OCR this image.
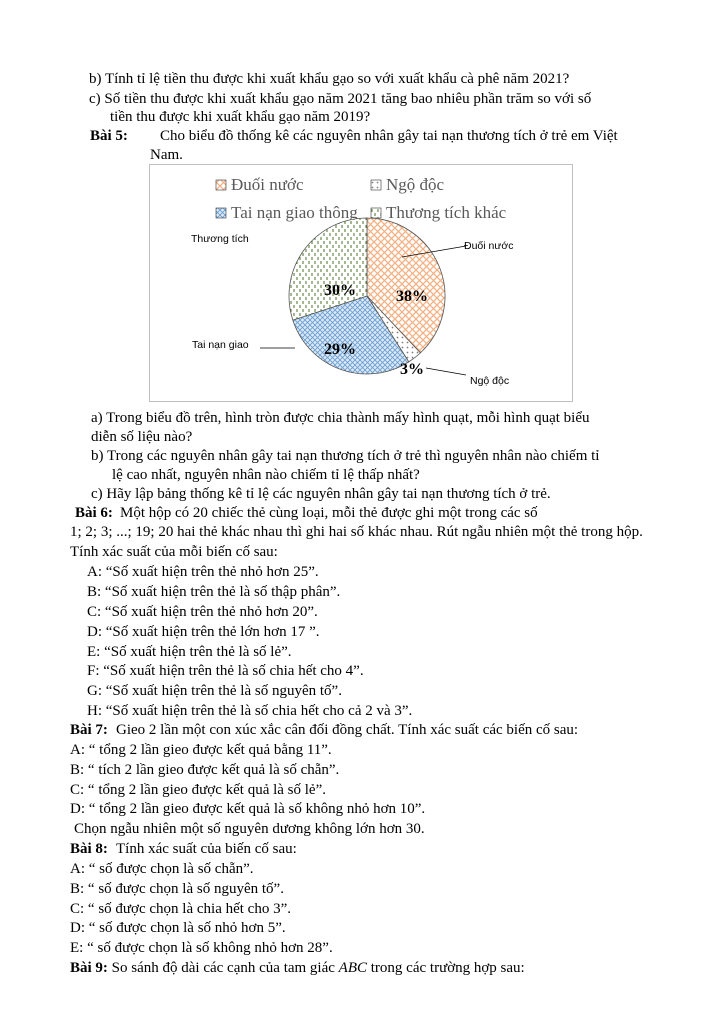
b) Tính tỉ lệ tiền thu được khi xuất khẩu gạo so với xuất khẩu cà phê năm 2021?
c) Số tiền thu được khi xuất khẩu gạo năm 2021 tăng bao nhiêu phần trăm so với số
tiền thu được khi xuất khẩu gạo năm 2019?
Bài 5: Cho biểu đồ thống kê các nguyên nhân gây tai nạn thương tích ở trẻ em Việt
Nam.
Đuối nước	Ngộ độc
Tai nạn giao thông Thương tích khác
38%
3%
29%
30%
Đuối nước
Ngộ độc
Tai nạn giao
Thương tích
a) Trong biểu đồ trên, hình tròn được chia thành mấy hình quạt, mỗi hình quạt biểu
diễn số liệu nào?
b) Trong các nguyên nhân gây tai nạn thương tích ở trẻ thì nguyên nhân nào chiếm tỉ
lệ cao nhất, nguyên nhân nào chiếm tỉ lệ thấp nhất?
c) Hãy lập bảng thống kê tỉ lệ các nguyên nhân gây tai nạn thương tích ở trẻ.
Bài 6: Một hộp có 20 chiếc thẻ cùng loại, mỗi thẻ được ghi một trong các số
1; 2; 3; ...; 19; 20 hai thẻ khác nhau thì ghi hai số khác nhau. Rút ngẫu nhiên một thẻ trong hộp.
Tính xác suất của mỗi biến cố sau:
A: “Số xuất hiện trên thẻ nhỏ hơn 25”.
B: “Số xuất hiện trên thẻ là số thập phân”.
C: “Số xuất hiện trên thẻ nhỏ hơn 20”.
D: “Số xuất hiện trên thẻ lớn hơn 17 ”.
E: “Số xuất hiện trên thẻ là số lẻ”.
F: “Số xuất hiện trên thẻ là số chia hết cho 4”.
G: “Số xuất hiện trên thẻ là số nguyên tố”.
H: “Số xuất hiện trên thẻ là số chia hết cho cả 2 và 3”.
Bài 7: Gieo 2 lần một con xúc xắc cân đối đồng chất. Tính xác suất các biến cố sau:
A: “ tổng 2 lần gieo được kết quả bằng 11”.
B: “ tích 2 lần gieo được kết quả là số chẵn”.
C: “ tổng 2 lần gieo được kết quả là số lẻ”.
D: “ tổng 2 lần gieo được kết quả là số không nhỏ hơn 10”.
Chọn ngẫu nhiên một số nguyên dương không lớn hơn 30.
Bài 8: Tính xác suất của biến cố sau:
A: “ số được chọn là số chẵn”.
B: “ số được chọn là số nguyên tố”.
C: “ số được chọn là chia hết cho 3”.
D: “ số được chọn là số nhỏ hơn 5”.
E: “ số được chọn là số không nhỏ hơn 28”.
Bài 9: So sánh độ dài các cạnh của tam giác ABC trong các trường hợp sau:
